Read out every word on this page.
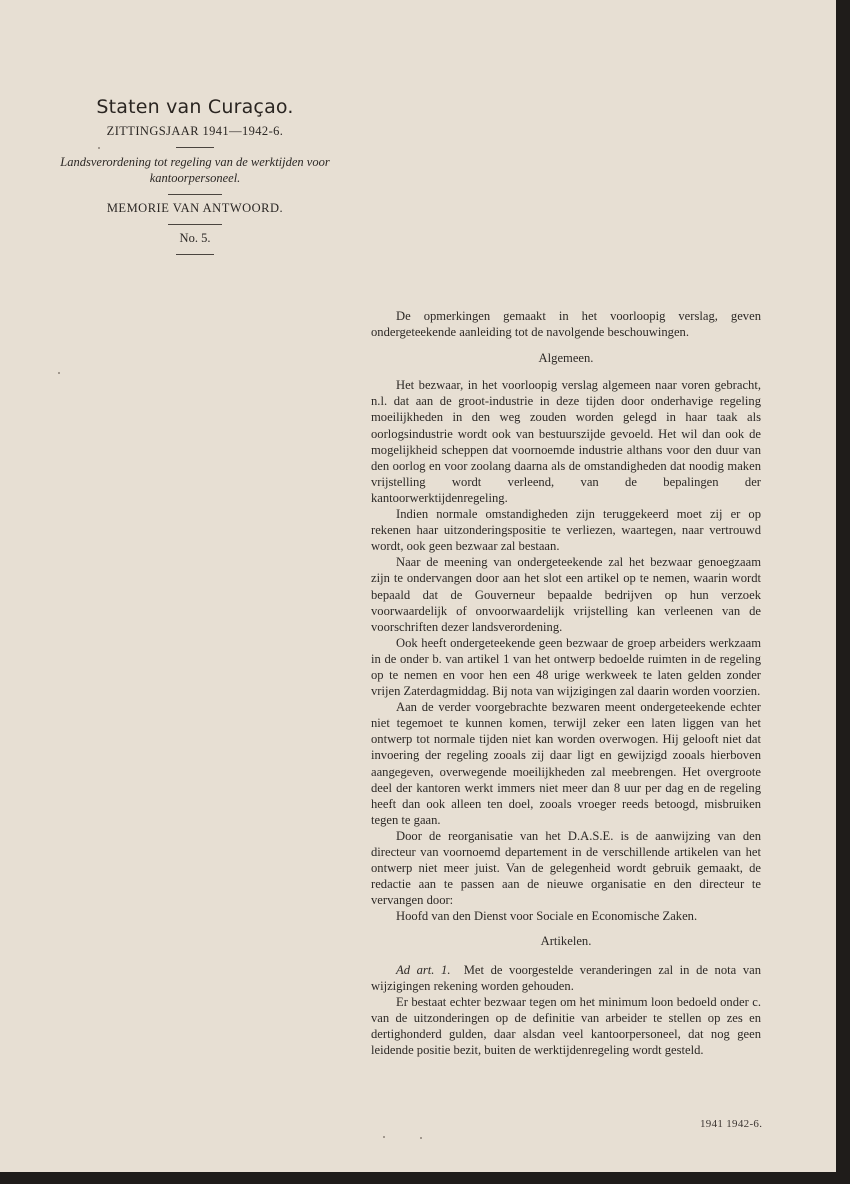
Staten van Curaçao.
ZITTINGSJAAR 1941—1942-6.
Landsverordening tot regeling van de werktijden voor kantoorpersoneel.
MEMORIE VAN ANTWOORD.
No. 5.

De opmerkingen gemaakt in het voorloopig verslag, geven ondergeteekende aanleiding tot de navolgende beschouwingen.

Algemeen.

Het bezwaar, in het voorloopig verslag algemeen naar voren gebracht, n.l. dat aan de groot-industrie in deze tijden door onderhavige regeling moeilijkheden in den weg zouden worden gelegd in haar taak als oorlogsindustrie wordt ook van bestuurszijde gevoeld. Het wil dan ook de mogelijkheid scheppen dat voornoemde industrie althans voor den duur van den oorlog en voor zoolang daarna als de omstandigheden dat noodig maken vrijstelling wordt verleend, van de bepalingen der kantoorwerktijdenregeling.

Indien normale omstandigheden zijn teruggekeerd moet zij er op rekenen haar uitzonderingspositie te verliezen, waartegen, naar vertrouwd wordt, ook geen bezwaar zal bestaan.

Naar de meening van ondergeteekende zal het bezwaar genoegzaam zijn te ondervangen door aan het slot een artikel op te nemen, waarin wordt bepaald dat de Gouverneur bepaalde bedrijven op hun verzoek voorwaardelijk of onvoorwaardelijk vrijstelling kan verleenen van de voorschriften dezer landsverordening.

Ook heeft ondergeteekende geen bezwaar de groep arbeiders werkzaam in de onder b. van artikel 1 van het ontwerp bedoelde ruimten in de regeling op te nemen en voor hen een 48 urige werkweek te laten gelden zonder vrijen Zaterdagmiddag. Bij nota van wijzigingen zal daarin worden voorzien.

Aan de verder voorgebrachte bezwaren meent ondergeteekende echter niet tegemoet te kunnen komen, terwijl zeker een laten liggen van het ontwerp tot normale tijden niet kan worden overwogen. Hij gelooft niet dat invoering der regeling zooals zij daar ligt en gewijzigd zooals hierboven aangegeven, overwegende moeilijkheden zal meebrengen. Het overgroote deel der kantoren werkt immers niet meer dan 8 uur per dag en de regeling heeft dan ook alleen ten doel, zooals vroeger reeds betoogd, misbruiken tegen te gaan.

Door de reorganisatie van het D.A.S.E. is de aanwijzing van den directeur van voornoemd departement in de verschillende artikelen van het ontwerp niet meer juist. Van de gelegenheid wordt gebruik gemaakt, de redactie aan te passen aan de nieuwe organisatie en den directeur te vervangen door:

Hoofd van den Dienst voor Sociale en Economische Zaken.

Artikelen.

Ad art. 1. Met de voorgestelde veranderingen zal in de nota van wijzigingen rekening worden gehouden.

Er bestaat echter bezwaar tegen om het minimum loon bedoeld onder c. van de uitzonderingen op de definitie van arbeider te stellen op zes en dertighonderd gulden, daar alsdan veel kantoorpersoneel, dat nog geen leidende positie bezit, buiten de werktijdenregeling wordt gesteld.

1941 1942-6.
